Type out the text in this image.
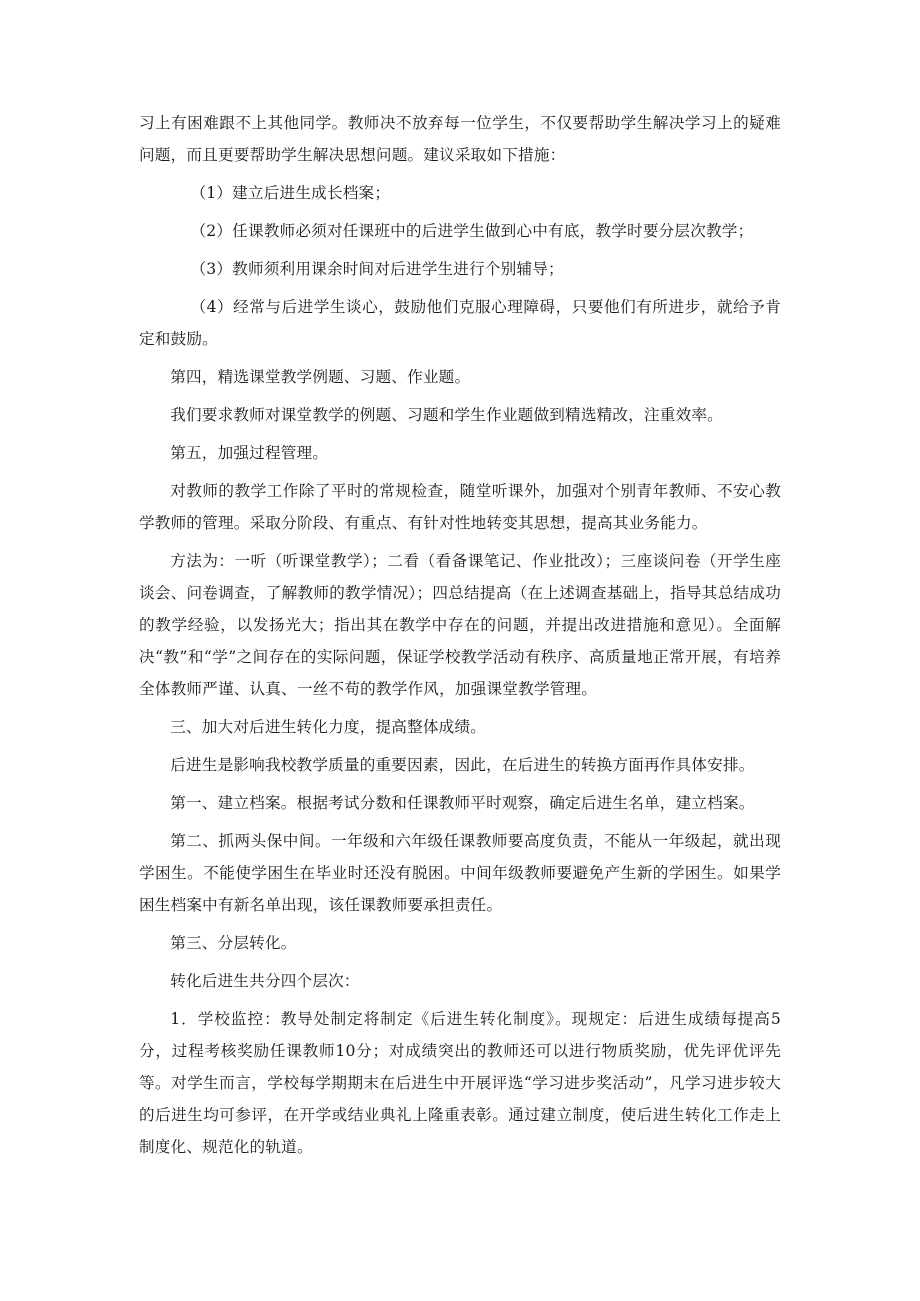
习上有困难跟不上其他同学。教师决不放弃每一位学生，不仅要帮助学生解决学习上的疑难问题，而且更要帮助学生解决思想问题。建议采取如下措施：

（1）建立后进生成长档案；

（2）任课教师必须对任课班中的后进学生做到心中有底，教学时要分层次教学；

（3）教师须利用课余时间对后进学生进行个别辅导；

（4）经常与后进学生谈心，鼓励他们克服心理障碍，只要他们有所进步，就给予肯定和鼓励。

第四，精选课堂教学例题、习题、作业题。

我们要求教师对课堂教学的例题、习题和学生作业题做到精选精改，注重效率。

第五，加强过程管理。

对教师的教学工作除了平时的常规检查，随堂听课外，加强对个别青年教师、不安心教学教师的管理。采取分阶段、有重点、有针对性地转变其思想，提高其业务能力。

方法为：一听（听课堂教学）；二看（看备课笔记、作业批改）；三座谈问卷（开学生座谈会、问卷调查，了解教师的教学情况）；四总结提高（在上述调查基础上，指导其总结成功的教学经验，以发扬光大；指出其在教学中存在的问题，并提出改进措施和意见）。全面解决“教”和“学”之间存在的实际问题，保证学校教学活动有秩序、高质量地正常开展，有培养全体教师严谨、认真、一丝不苟的教学作风，加强课堂教学管理。

三、加大对后进生转化力度，提高整体成绩。

后进生是影响我校教学质量的重要因素，因此，在后进生的转换方面再作具体安排。

第一、建立档案。根据考试分数和任课教师平时观察，确定后进生名单，建立档案。

第二、抓两头保中间。一年级和六年级任课教师要高度负责，不能从一年级起，就出现学困生。不能使学困生在毕业时还没有脱困。中间年级教师要避免产生新的学困生。如果学困生档案中有新名单出现，该任课教师要承担责任。

第三、分层转化。

转化后进生共分四个层次：

1．学校监控：教导处制定将制定《后进生转化制度》。现规定：后进生成绩每提高5分，过程考核奖励任课教师10分；对成绩突出的教师还可以进行物质奖励，优先评优评先等。对学生而言，学校每学期期末在后进生中开展评选“学习进步奖活动”，凡学习进步较大的后进生均可参评，在开学或结业典礼上隆重表彰。通过建立制度，使后进生转化工作走上制度化、规范化的轨道。
